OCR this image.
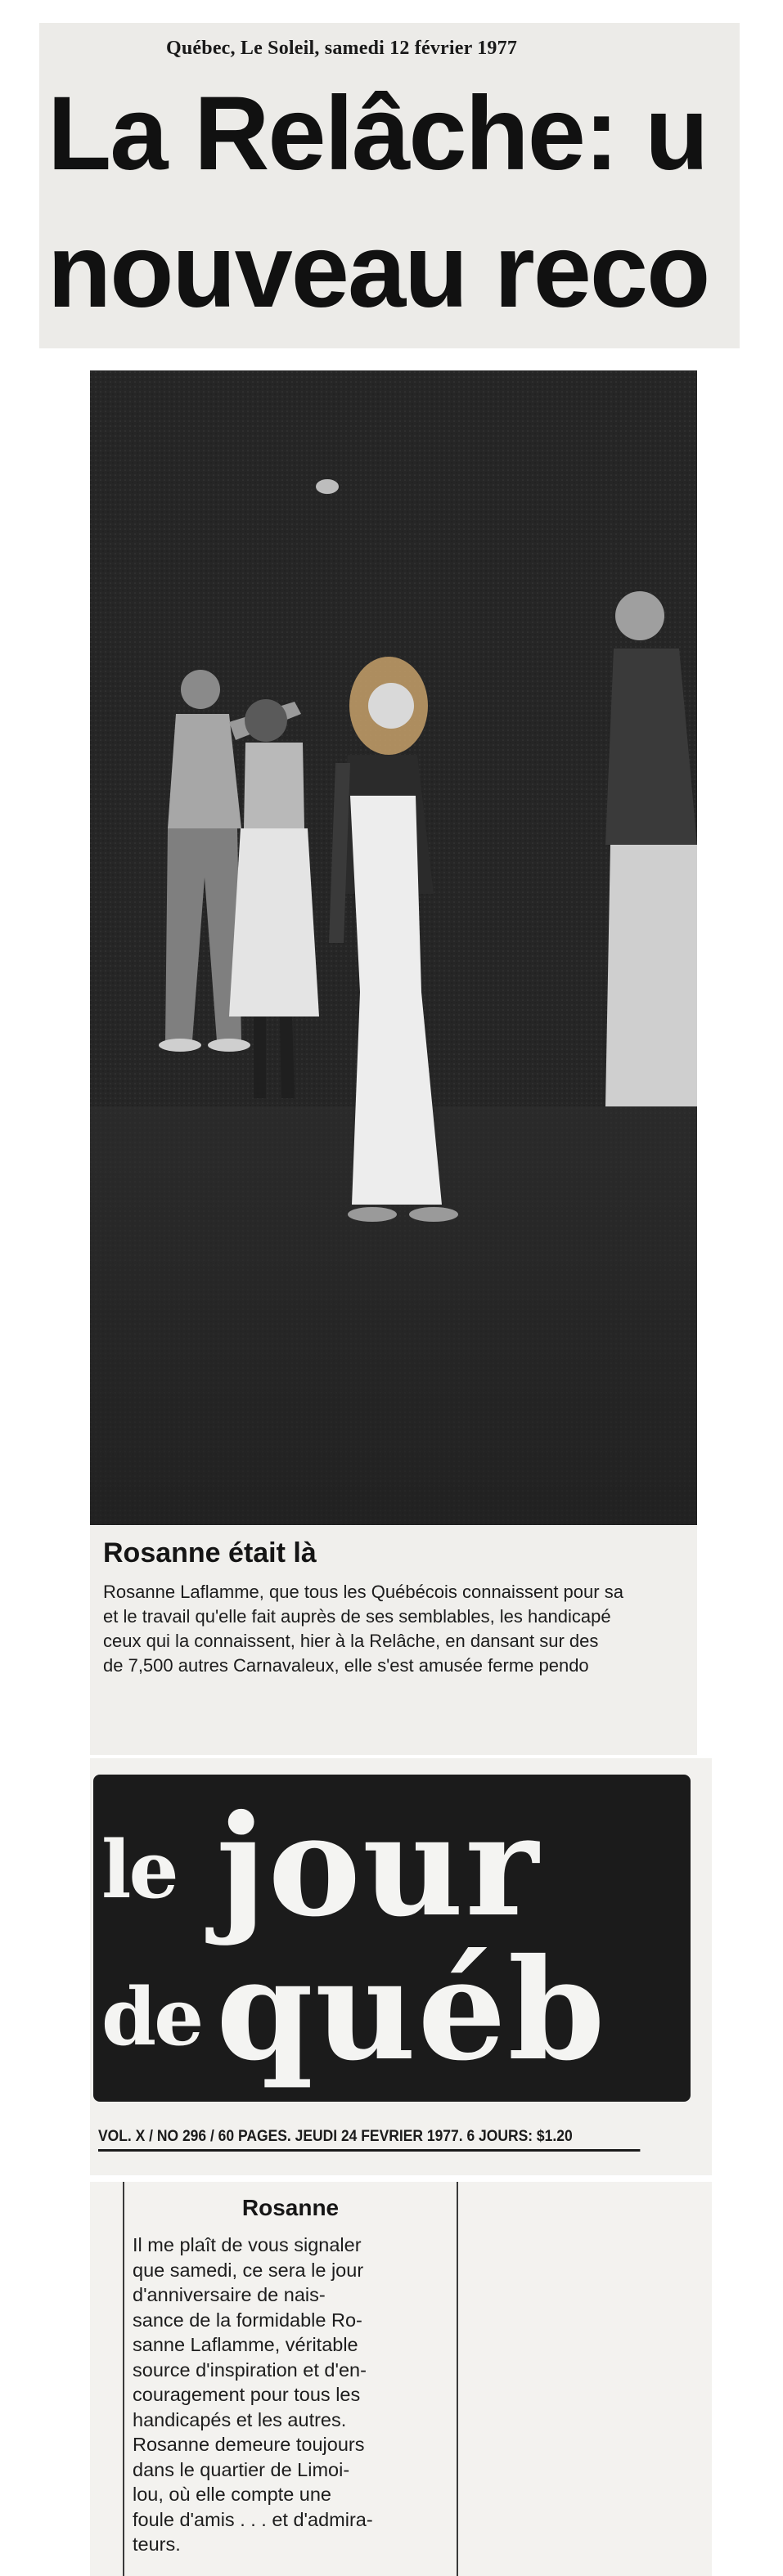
Québec, Le Soleil, samedi 12 février 1977
La Relâche: u
nouveau reco
Rosanne était là
Rosanne Laflamme, que tous les Québécois connaissent pour sa
et le travail qu'elle fait auprès de ses semblables, les handicapé
ceux qui la connaissent, hier à la Relâche, en dansant sur des
de 7,500 autres Carnavaleux, elle s'est amusée ferme pendo
le jour
de québ
VOL. X / NO 296 / 60 PAGES. JEUDI 24 FEVRIER 1977. 6 JOURS: $1.20
Rosanne
Il me plaît de vous signaler
que samedi, ce sera le jour
d'anniversaire de nais-
sance de la formidable Ro-
sanne Laflamme, véritable
source d'inspiration et d'en-
couragement pour tous les
handicapés et les autres.
Rosanne demeure toujours
dans le quartier de Limoi-
lou, où elle compte une
foule d'amis . . . et d'admira-
teurs.
